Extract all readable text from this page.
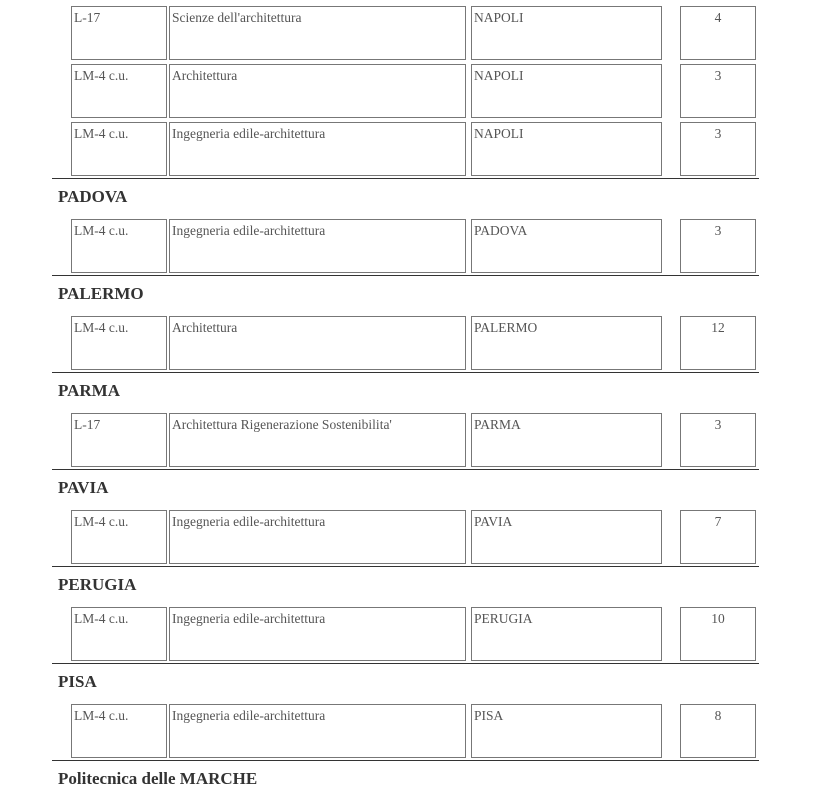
L-17	Scienze dell'architettura	NAPOLI	4
LM-4 c.u.	Architettura	NAPOLI	3
LM-4 c.u.	Ingegneria edile-architettura	NAPOLI	3
PADOVA
LM-4 c.u.	Ingegneria edile-architettura	PADOVA	3
PALERMO
LM-4 c.u.	Architettura	PALERMO	12
PARMA
L-17	Architettura Rigenerazione Sostenibilita'	PARMA	3
PAVIA
LM-4 c.u.	Ingegneria edile-architettura	PAVIA	7
PERUGIA
LM-4 c.u.	Ingegneria edile-architettura	PERUGIA	10
PISA
LM-4 c.u.	Ingegneria edile-architettura	PISA	8
Politecnica delle MARCHE
